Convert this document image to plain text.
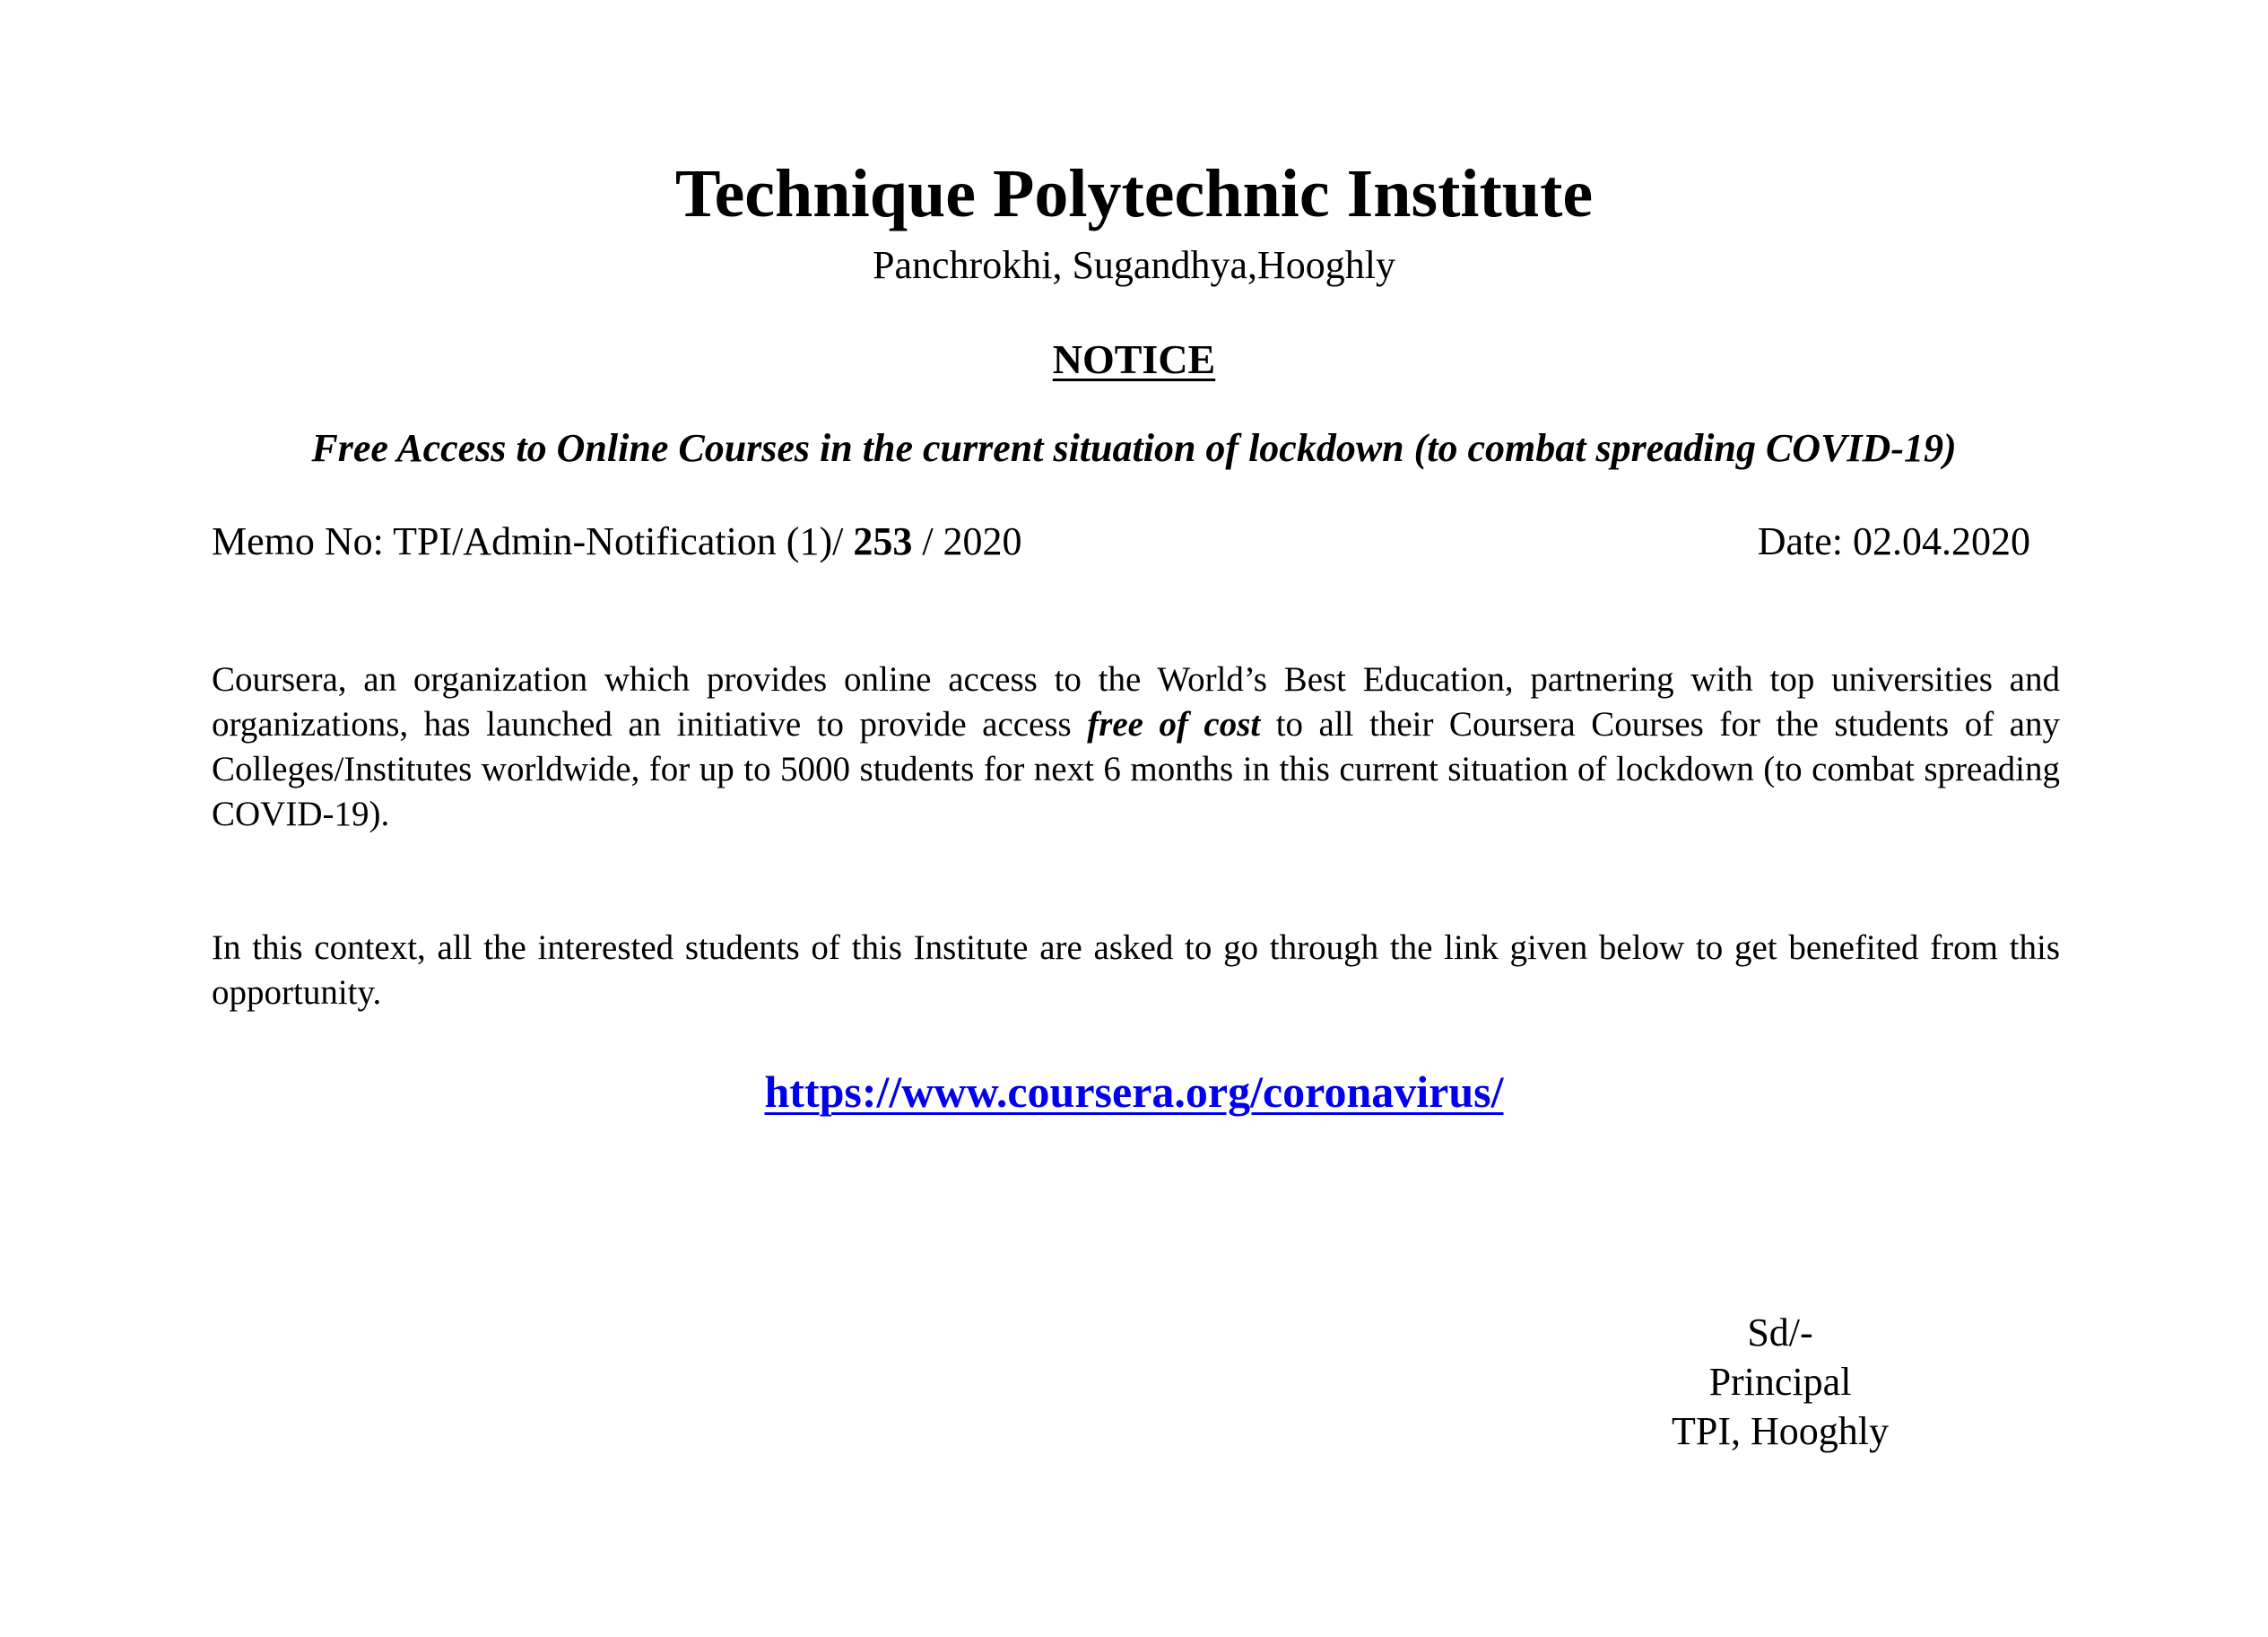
Technique Polytechnic Institute
Panchrokhi, Sugandhya,Hooghly
NOTICE
Free Access to Online Courses in the current situation of lockdown (to combat spreading COVID-19)
Memo No: TPI/Admin-Notification (1)/ 253 / 2020	Date: 02.04.2020
Coursera, an organization which provides online access to the World’s Best Education, partnering with top universities and organizations, has launched an initiative to provide access free of cost to all their Coursera Courses for the students of any Colleges/Institutes worldwide, for up to 5000 students for next 6 months in this current situation of lockdown (to combat spreading COVID-19).
In this context, all the interested students of this Institute are asked to go through the link given below to get benefited from this opportunity.
https://www.coursera.org/coronavirus/
Sd/-
Principal
TPI, Hooghly
